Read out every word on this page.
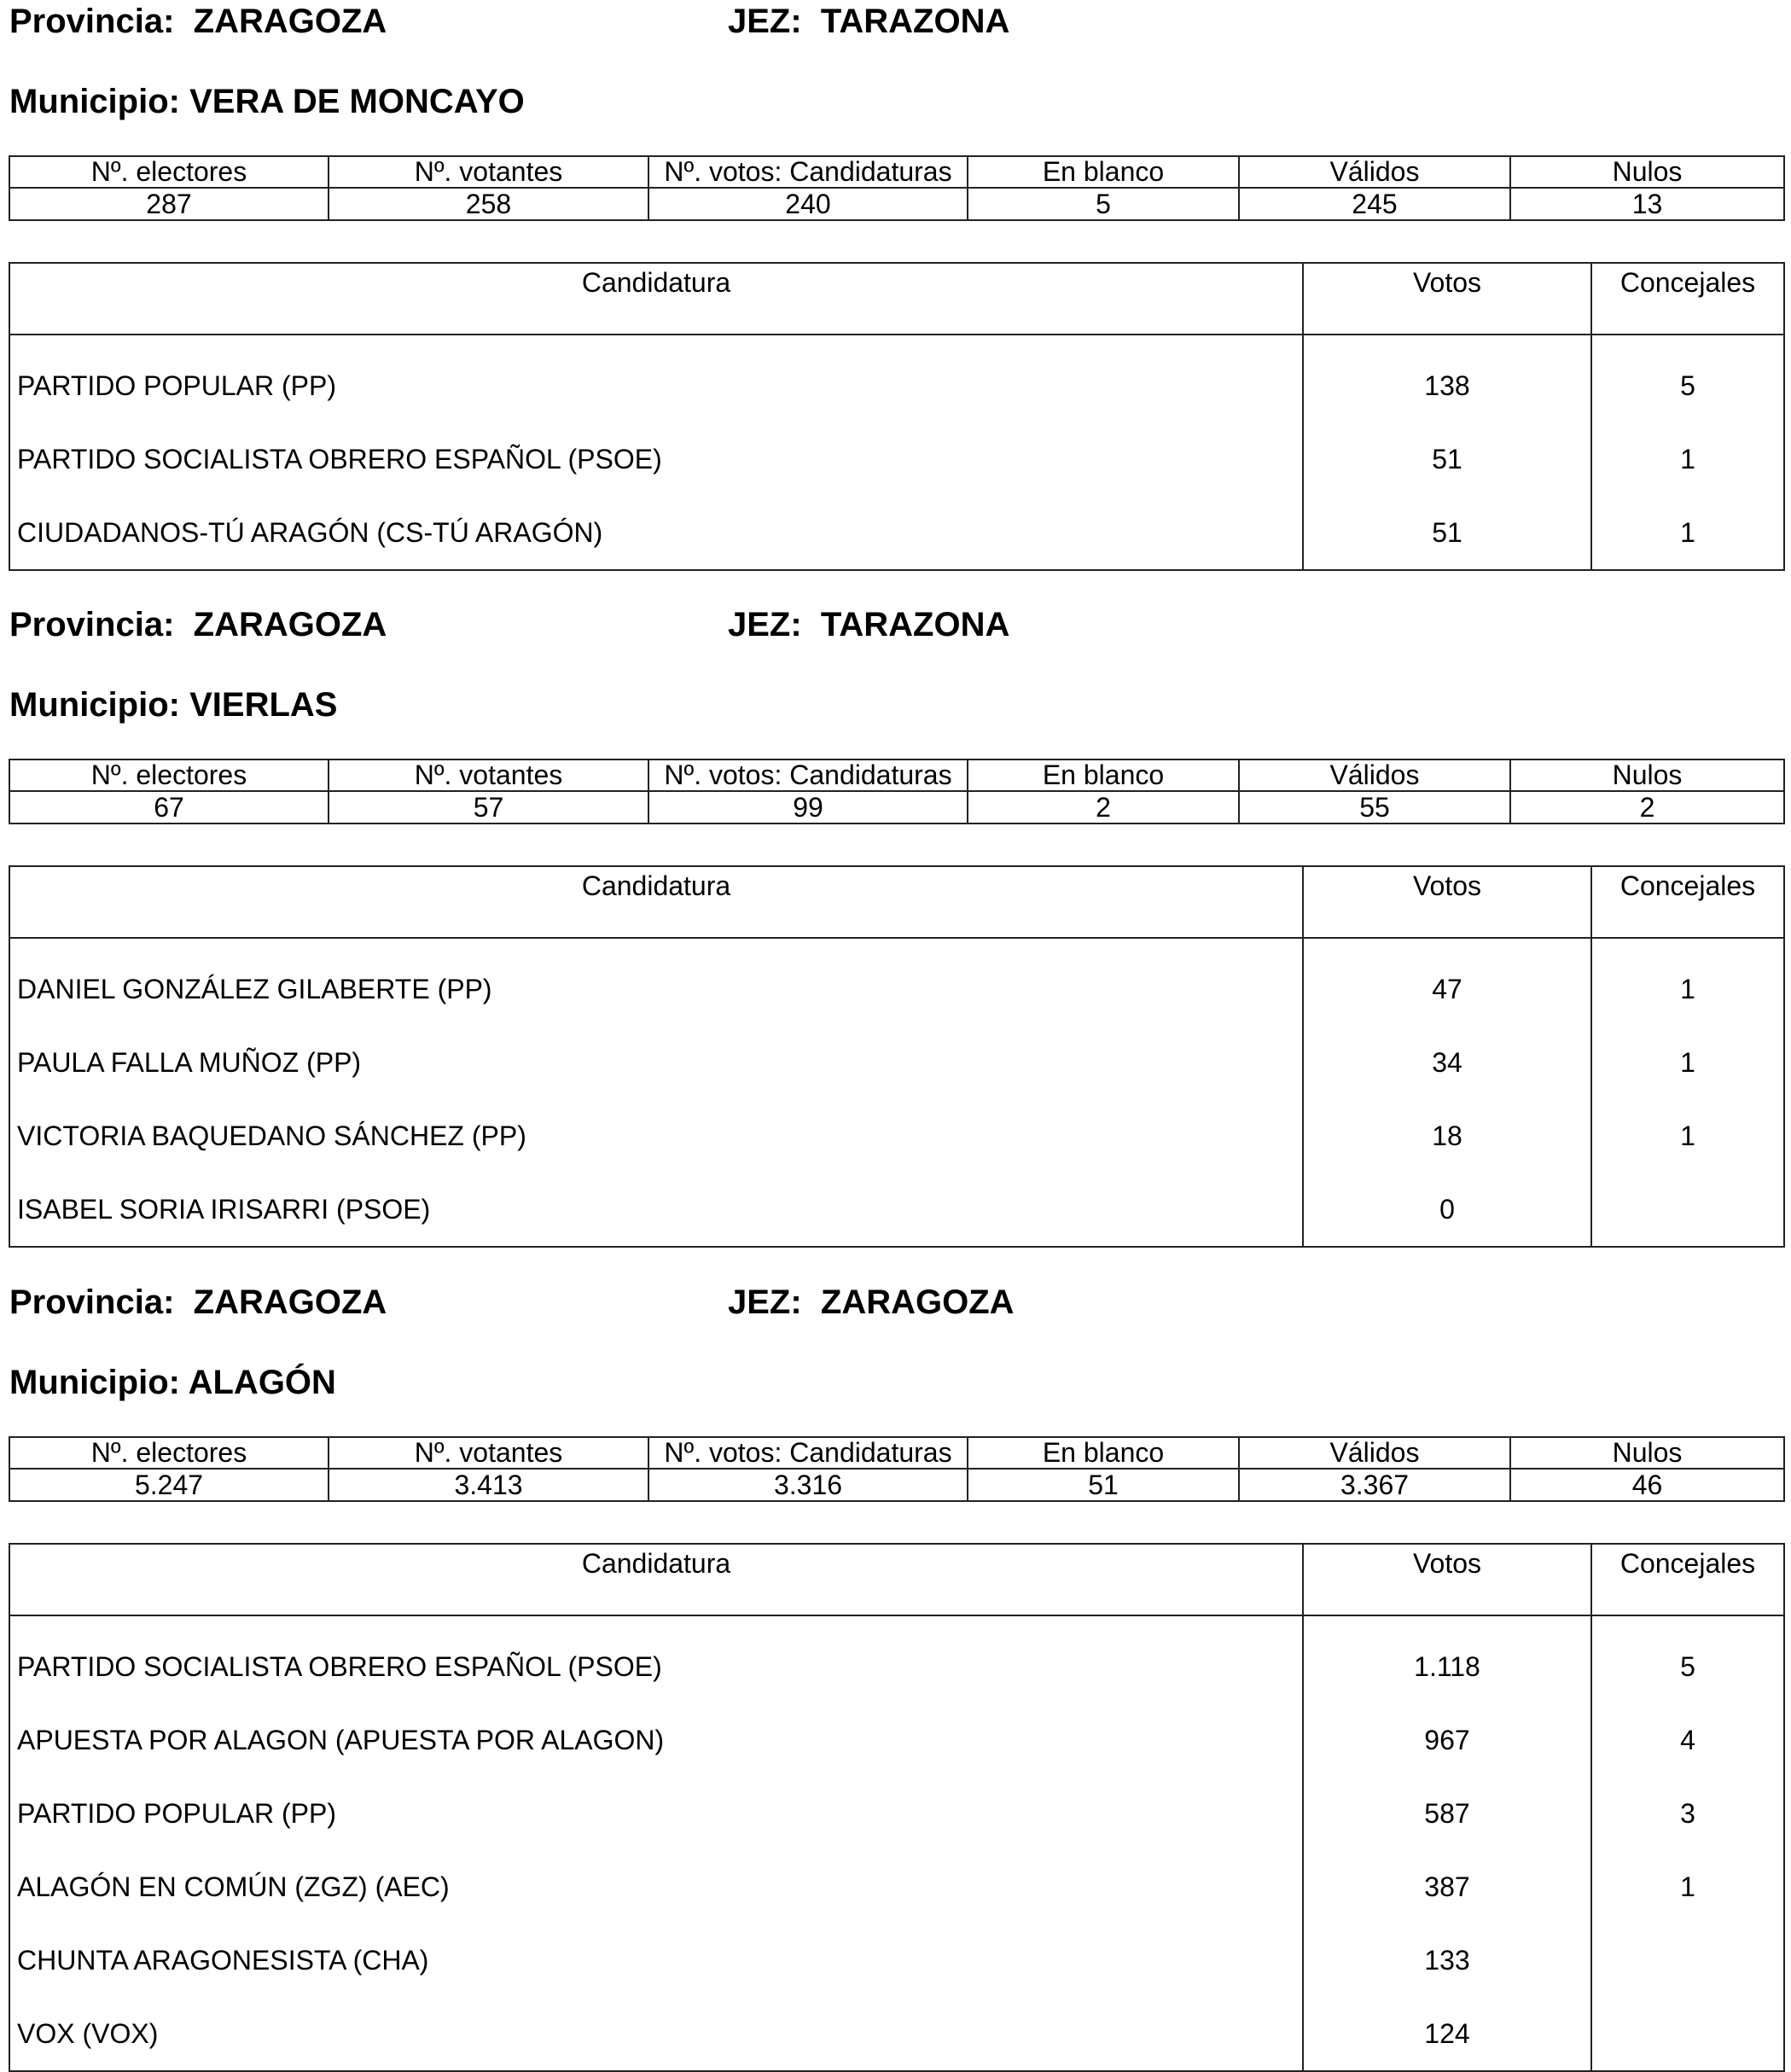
Provincia: ZARAGOZA	JEZ: TARAZONA
Municipio: VERA DE MONCAYO
Nº. electores	Nº. votantes	Nº. votos: Candidaturas	En blanco	Válidos	Nulos
287	258	240	5	245	13
Candidatura	Votos	Concejales
PARTIDO POPULAR (PP)	138	5
PARTIDO SOCIALISTA OBRERO ESPAÑOL (PSOE)	51	1
CIUDADANOS-TÚ ARAGÓN (CS-TÚ ARAGÓN)	51	1
Provincia: ZARAGOZA	JEZ: TARAZONA
Municipio: VIERLAS
Nº. electores	Nº. votantes	Nº. votos: Candidaturas	En blanco	Válidos	Nulos
67	57	99	2	55	2
Candidatura	Votos	Concejales
DANIEL GONZÁLEZ GILABERTE (PP)	47	1
PAULA FALLA MUÑOZ (PP)	34	1
VICTORIA BAQUEDANO SÁNCHEZ (PP)	18	1
ISABEL SORIA IRISARRI (PSOE)	0	
Provincia: ZARAGOZA	JEZ: ZARAGOZA
Municipio: ALAGÓN
Nº. electores	Nº. votantes	Nº. votos: Candidaturas	En blanco	Válidos	Nulos
5.247	3.413	3.316	51	3.367	46
Candidatura	Votos	Concejales
PARTIDO SOCIALISTA OBRERO ESPAÑOL (PSOE)	1.118	5
APUESTA POR ALAGON (APUESTA POR ALAGON)	967	4
PARTIDO POPULAR (PP)	587	3
ALAGÓN EN COMÚN (ZGZ) (AEC)	387	1
CHUNTA ARAGONESISTA (CHA)	133	
VOX (VOX)	124	
